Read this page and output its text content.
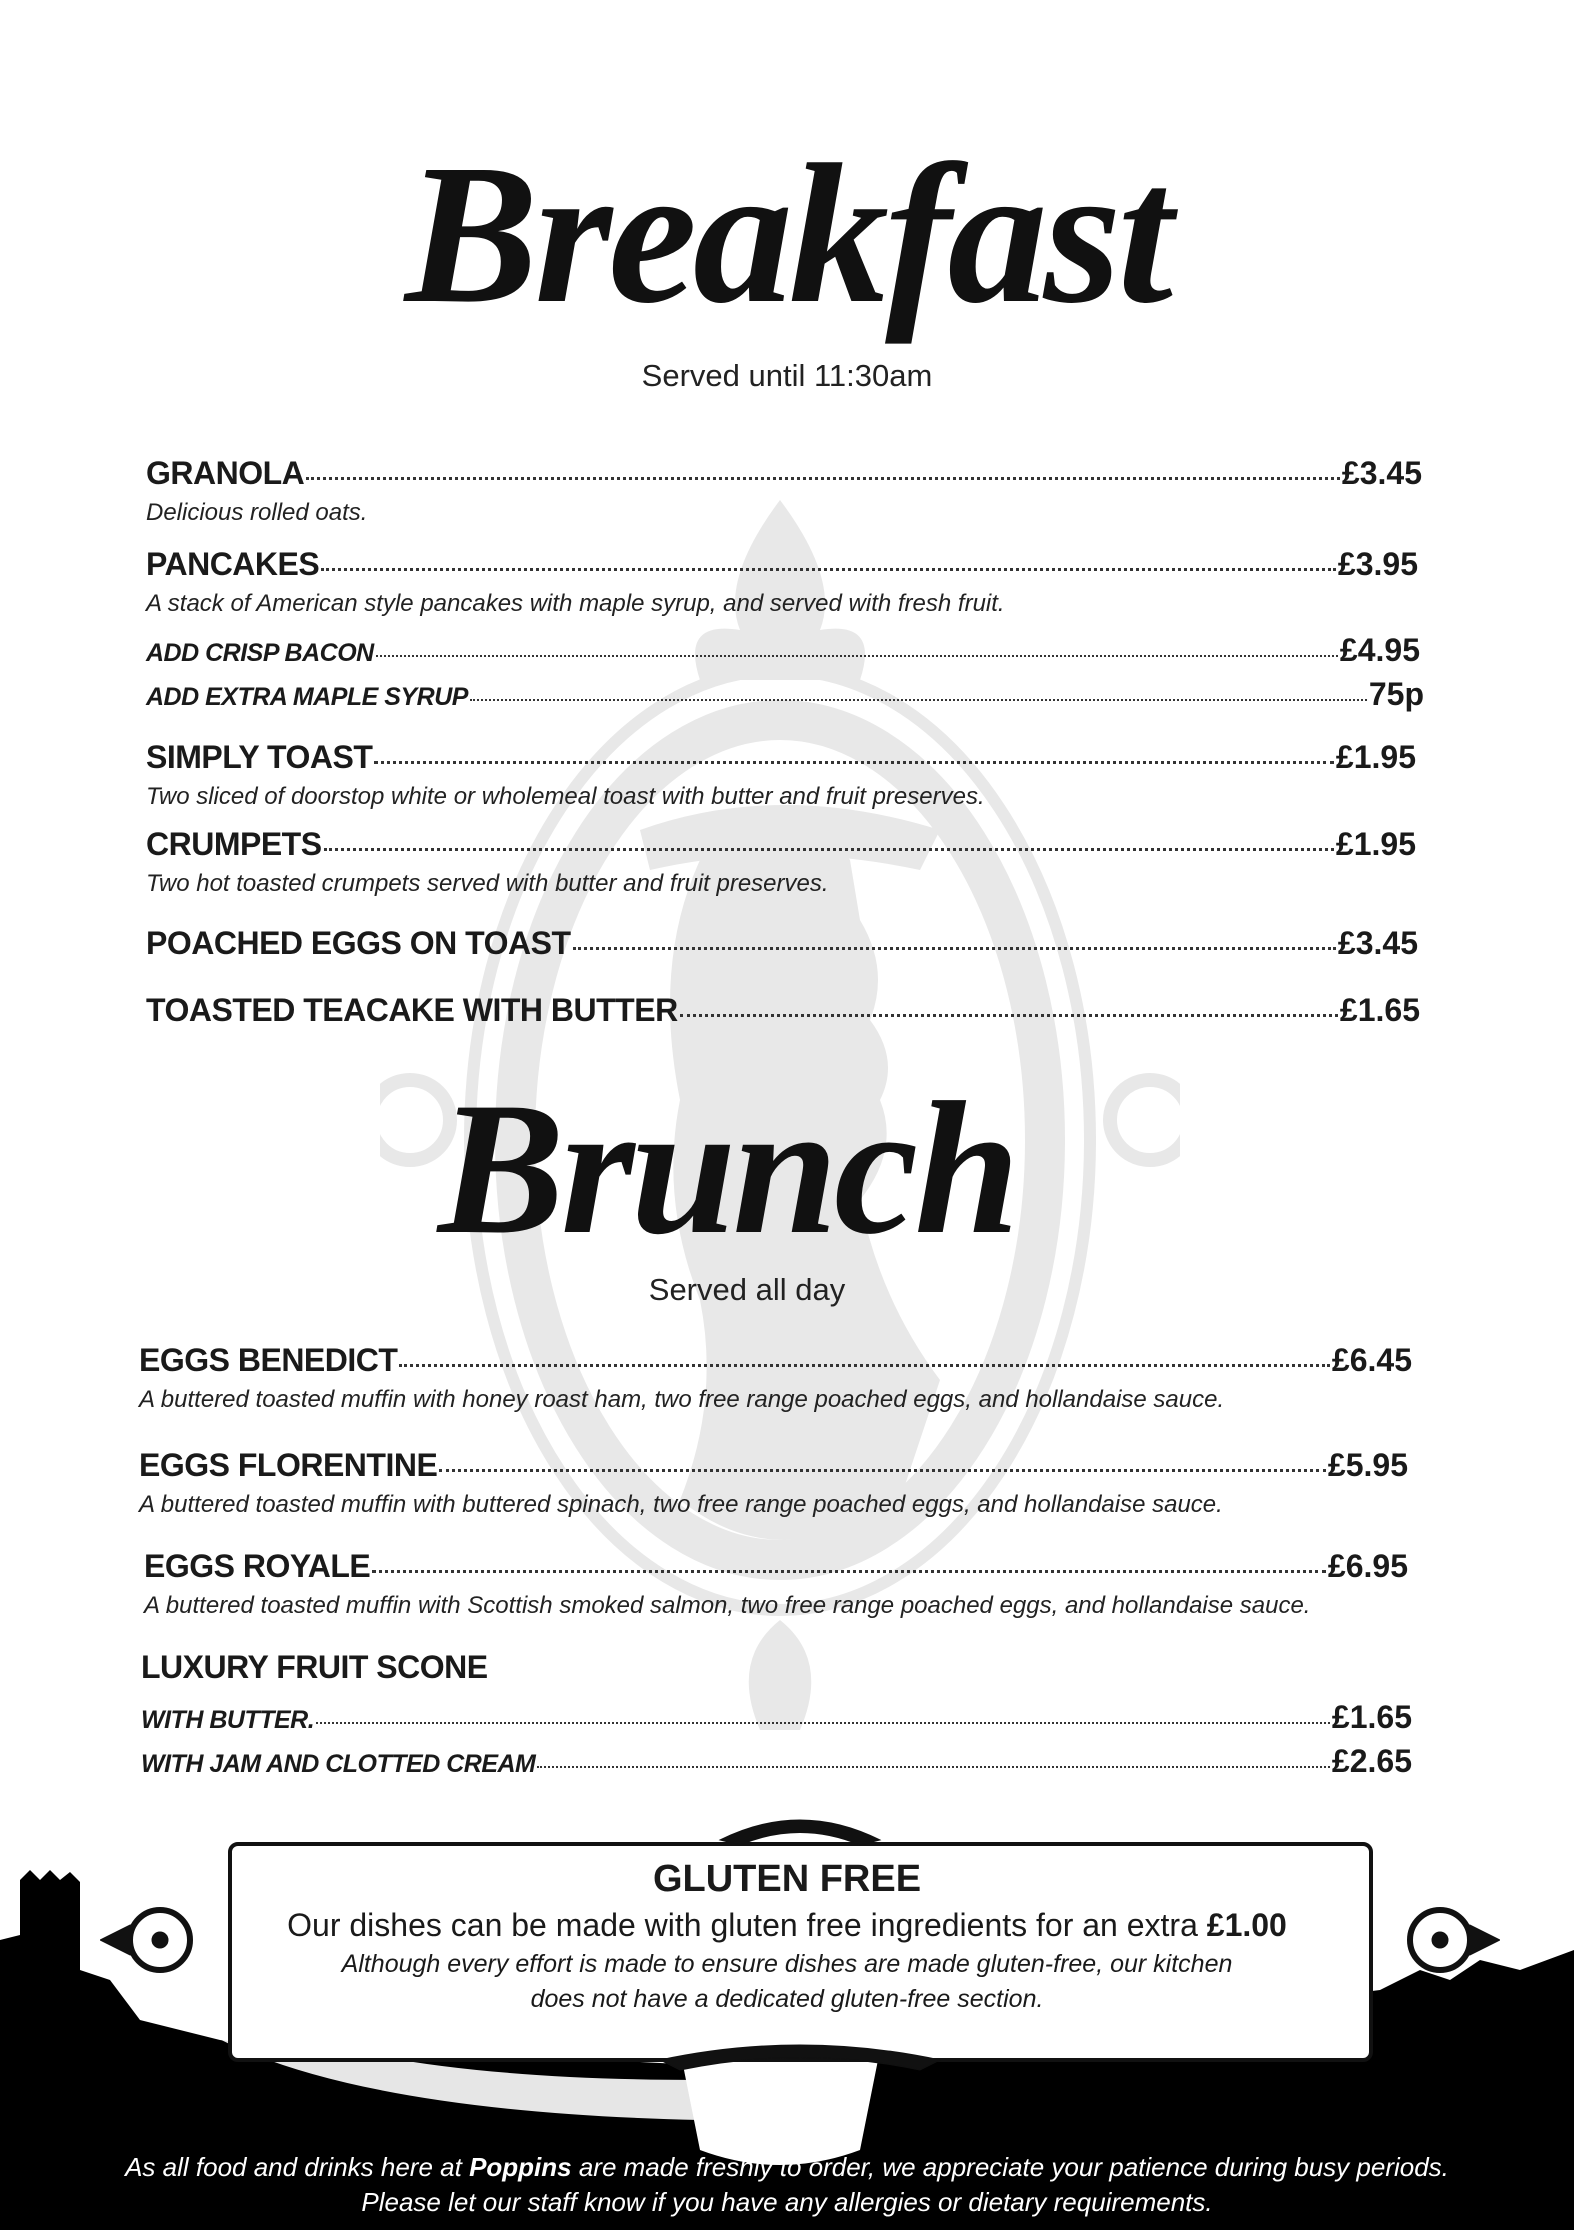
Breakfast
Served until 11:30am
GRANOLA	£3.45
Delicious rolled oats.
PANCAKES	£3.95
A stack of American style pancakes with maple syrup, and served with fresh fruit.
ADD CRISP BACON	£4.95
ADD EXTRA MAPLE SYRUP	75p
SIMPLY TOAST	£1.95
Two sliced of doorstop white or wholemeal toast with butter and fruit preserves.
CRUMPETS	£1.95
Two hot toasted crumpets served with butter and fruit preserves.
POACHED EGGS ON TOAST	£3.45
TOASTED TEACAKE WITH BUTTER	£1.65
Brunch
Served all day
EGGS BENEDICT	£6.45
A buttered toasted muffin with honey roast ham, two free range poached eggs, and hollandaise sauce.
EGGS FLORENTINE	£5.95
A buttered toasted muffin with buttered spinach, two free range poached eggs, and hollandaise sauce.
EGGS ROYALE	£6.95
A buttered toasted muffin with Scottish smoked salmon, two free range poached eggs, and hollandaise sauce.
LUXURY FRUIT SCONE
WITH BUTTER.	£1.65
WITH JAM AND CLOTTED CREAM	£2.65
GLUTEN FREE
Our dishes can be made with gluten free ingredients for an extra £1.00
Although every effort is made to ensure dishes are made gluten-free, our kitchen
does not have a dedicated gluten-free section.
As all food and drinks here at Poppins are made freshly to order, we appreciate your patience during busy periods.
Please let our staff know if you have any allergies or dietary requirements.
